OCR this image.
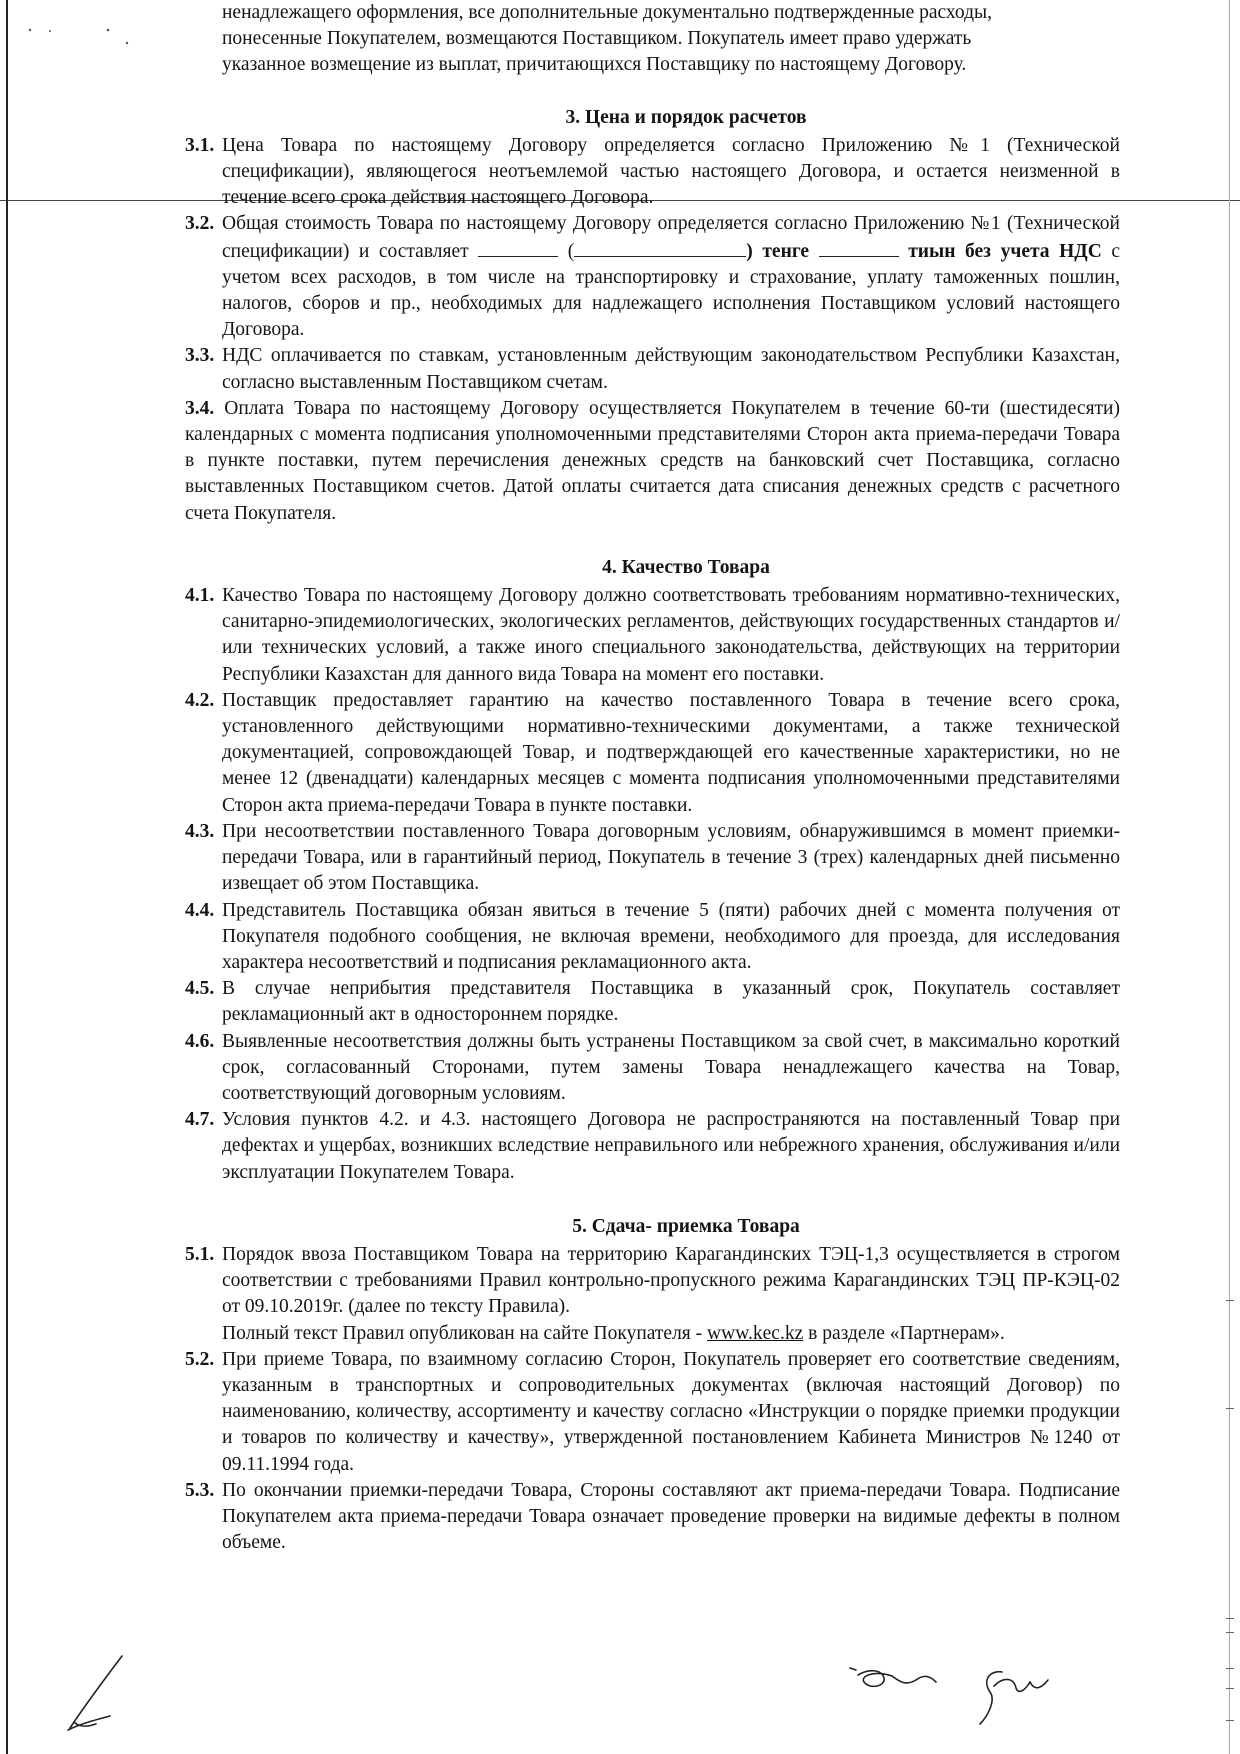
ненадлежащего оформления, все дополнительные документально подтвержденные расходы,
понесенные Покупателем, возмещаются Поставщиком. Покупатель имеет право удержать
указанное возмещение из выплат, причитающихся Поставщику по настоящему Договору.
3. Цена и порядок расчетов

3.1. Цена Товара по настоящему Договору определяется согласно Приложению №1 (Технической спецификации), являющегося неотъемлемой частью настоящего Договора, и остается неизменной в течение всего срока действия настоящего Договора.

3.2. Общая стоимость Товара по настоящему Договору определяется согласно Приложению №1 (Технической спецификации) и составляет	(	) тенге	тиын без учета НДС с учетом всех расходов, в том числе на транспортировку и страхование, уплату таможенных пошлин, налогов, сборов и пр., необходимых для надлежащего исполнения Поставщиком условий настоящего Договора.

3.3. НДС оплачивается по ставкам, установленным действующим законодательством Республики Казахстан, согласно выставленным Поставщиком счетам.

3.4. Оплата Товара по настоящему Договору осуществляется Покупателем в течение 60-ти (шестидесяти) календарных с момента подписания уполномоченными представителями Сторон акта приема-передачи Товара в пункте поставки, путем перечисления денежных средств на банковский счет Поставщика, согласно выставленных Поставщиком счетов. Датой оплаты считается дата списания денежных средств с расчетного счета Покупателя.

4. Качество Товара

4.1. Качество Товара по настоящему Договору должно соответствовать требованиям нормативно-технических, санитарно-эпидемиологических, экологических регламентов, действующих государственных стандартов и/или технических условий, а также иного специального законодательства, действующих на территории Республики Казахстан для данного вида Товара на момент его поставки.

4.2. Поставщик предоставляет гарантию на качество поставленного Товара в течение всего срока, установленного действующими нормативно-техническими документами, а также технической документацией, сопровождающей Товар, и подтверждающей его качественные характеристики, но не менее 12 (двенадцати) календарных месяцев с момента подписания уполномоченными представителями Сторон акта приема-передачи Товара в пункте поставки.

4.3. При несоответствии поставленного Товара договорным условиям, обнаружившимся в момент приемки-передачи Товара, или в гарантийный период, Покупатель в течение 3 (трех) календарных дней письменно извещает об этом Поставщика.

4.4. Представитель Поставщика обязан явиться в течение 5 (пяти) рабочих дней с момента получения от Покупателя подобного сообщения, не включая времени, необходимого для проезда, для исследования характера несоответствий и подписания рекламационного акта.

4.5. В случае неприбытия представителя Поставщика в указанный срок, Покупатель составляет рекламационный акт в одностороннем порядке.

4.6. Выявленные несоответствия должны быть устранены Поставщиком за свой счет, в максимально короткий срок, согласованный Сторонами, путем замены Товара ненадлежащего качества на Товар, соответствующий договорным условиям.

4.7. Условия пунктов 4.2. и 4.3. настоящего Договора не распространяются на поставленный Товар при дефектах и ущербах, возникших вследствие неправильного или небрежного хранения, обслуживания и/или эксплуатации Покупателем Товара.

5. Сдача- приемка Товара

5.1. Порядок ввоза Поставщиком Товара на территорию Карагандинских ТЭЦ-1,3 осуществляется в строгом соответствии с требованиями Правил контрольно-пропускного режима Карагандинских ТЭЦ ПР-КЭЦ-02 от 09.10.2019г. (далее по тексту Правила).
Полный текст Правил опубликован на сайте Покупателя - www.kec.kz в разделе «Партнерам».

5.2. При приеме Товара, по взаимному согласию Сторон, Покупатель проверяет его соответствие сведениям, указанным в транспортных и сопроводительных документах (включая настоящий Договор) по наименованию, количеству, ассортименту и качеству согласно «Инструкции о порядке приемки продукции и товаров по количеству и качеству», утвержденной постановлением Кабинета Министров №1240 от 09.11.1994 года.

5.3. По окончании приемки-передачи Товара, Стороны составляют акт приема-передачи Товара. Подписание Покупателем акта приема-передачи Товара означает проведение проверки на видимые дефекты в полном объеме.
